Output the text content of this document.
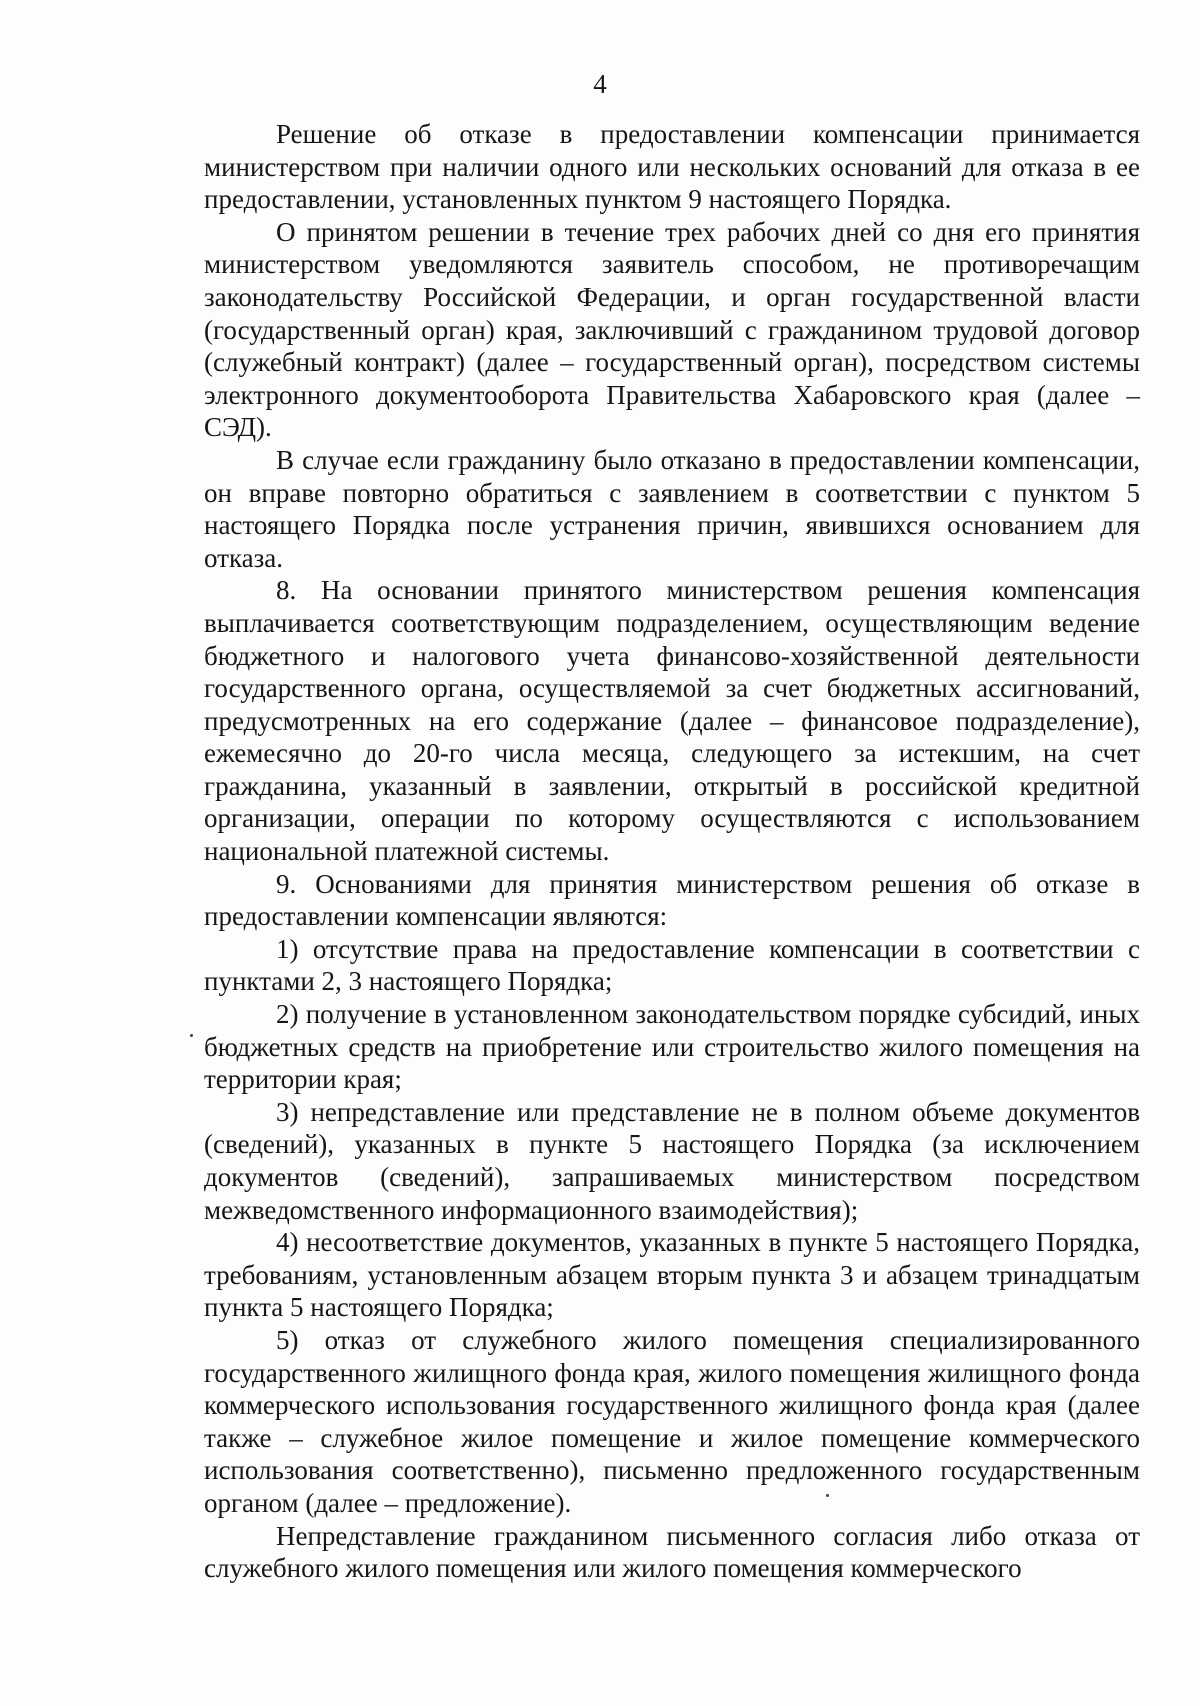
4

Решение об отказе в предоставлении компенсации принимается министерством при наличии одного или нескольких оснований для отказа в ее предоставлении, установленных пунктом 9 настоящего Порядка.

О принятом решении в течение трех рабочих дней со дня его принятия министерством уведомляются заявитель способом, не противоречащим законодательству Российской Федерации, и орган государственной власти (государственный орган) края, заключивший с гражданином трудовой договор (служебный контракт) (далее – государственный орган), посредством системы электронного документооборота Правительства Хабаровского края (далее – СЭД).

В случае если гражданину было отказано в предоставлении компенсации, он вправе повторно обратиться с заявлением в соответствии с пунктом 5 настоящего Порядка после устранения причин, явившихся основанием для отказа.

8. На основании принятого министерством решения компенсация выплачивается соответствующим подразделением, осуществляющим ведение бюджетного и налогового учета финансово-хозяйственной деятельности государственного органа, осуществляемой за счет бюджетных ассигнований, предусмотренных на его содержание (далее – финансовое подразделение), ежемесячно до 20-го числа месяца, следующего за истекшим, на счет гражданина, указанный в заявлении, открытый в российской кредитной организации, операции по которому осуществляются с использованием национальной платежной системы.

9. Основаниями для принятия министерством решения об отказе в предоставлении компенсации являются:

1) отсутствие права на предоставление компенсации в соответствии с пунктами 2, 3 настоящего Порядка;

2) получение в установленном законодательством порядке субсидий, иных бюджетных средств на приобретение или строительство жилого помещения на территории края;

3) непредставление или представление не в полном объеме документов (сведений), указанных в пункте 5 настоящего Порядка (за исключением документов (сведений), запрашиваемых министерством посредством межведомственного информационного взаимодействия);

4) несоответствие документов, указанных в пункте 5 настоящего Порядка, требованиям, установленным абзацем вторым пункта 3 и абзацем тринадцатым пункта 5 настоящего Порядка;

5) отказ от служебного жилого помещения специализированного государственного жилищного фонда края, жилого помещения жилищного фонда коммерческого использования государственного жилищного фонда края (далее также – служебное жилое помещение и жилое помещение коммерческого использования соответственно), письменно предложенного государственным органом (далее – предложение).

Непредставление гражданином письменного согласия либо отказа от служебного жилого помещения или жилого помещения коммерческого
